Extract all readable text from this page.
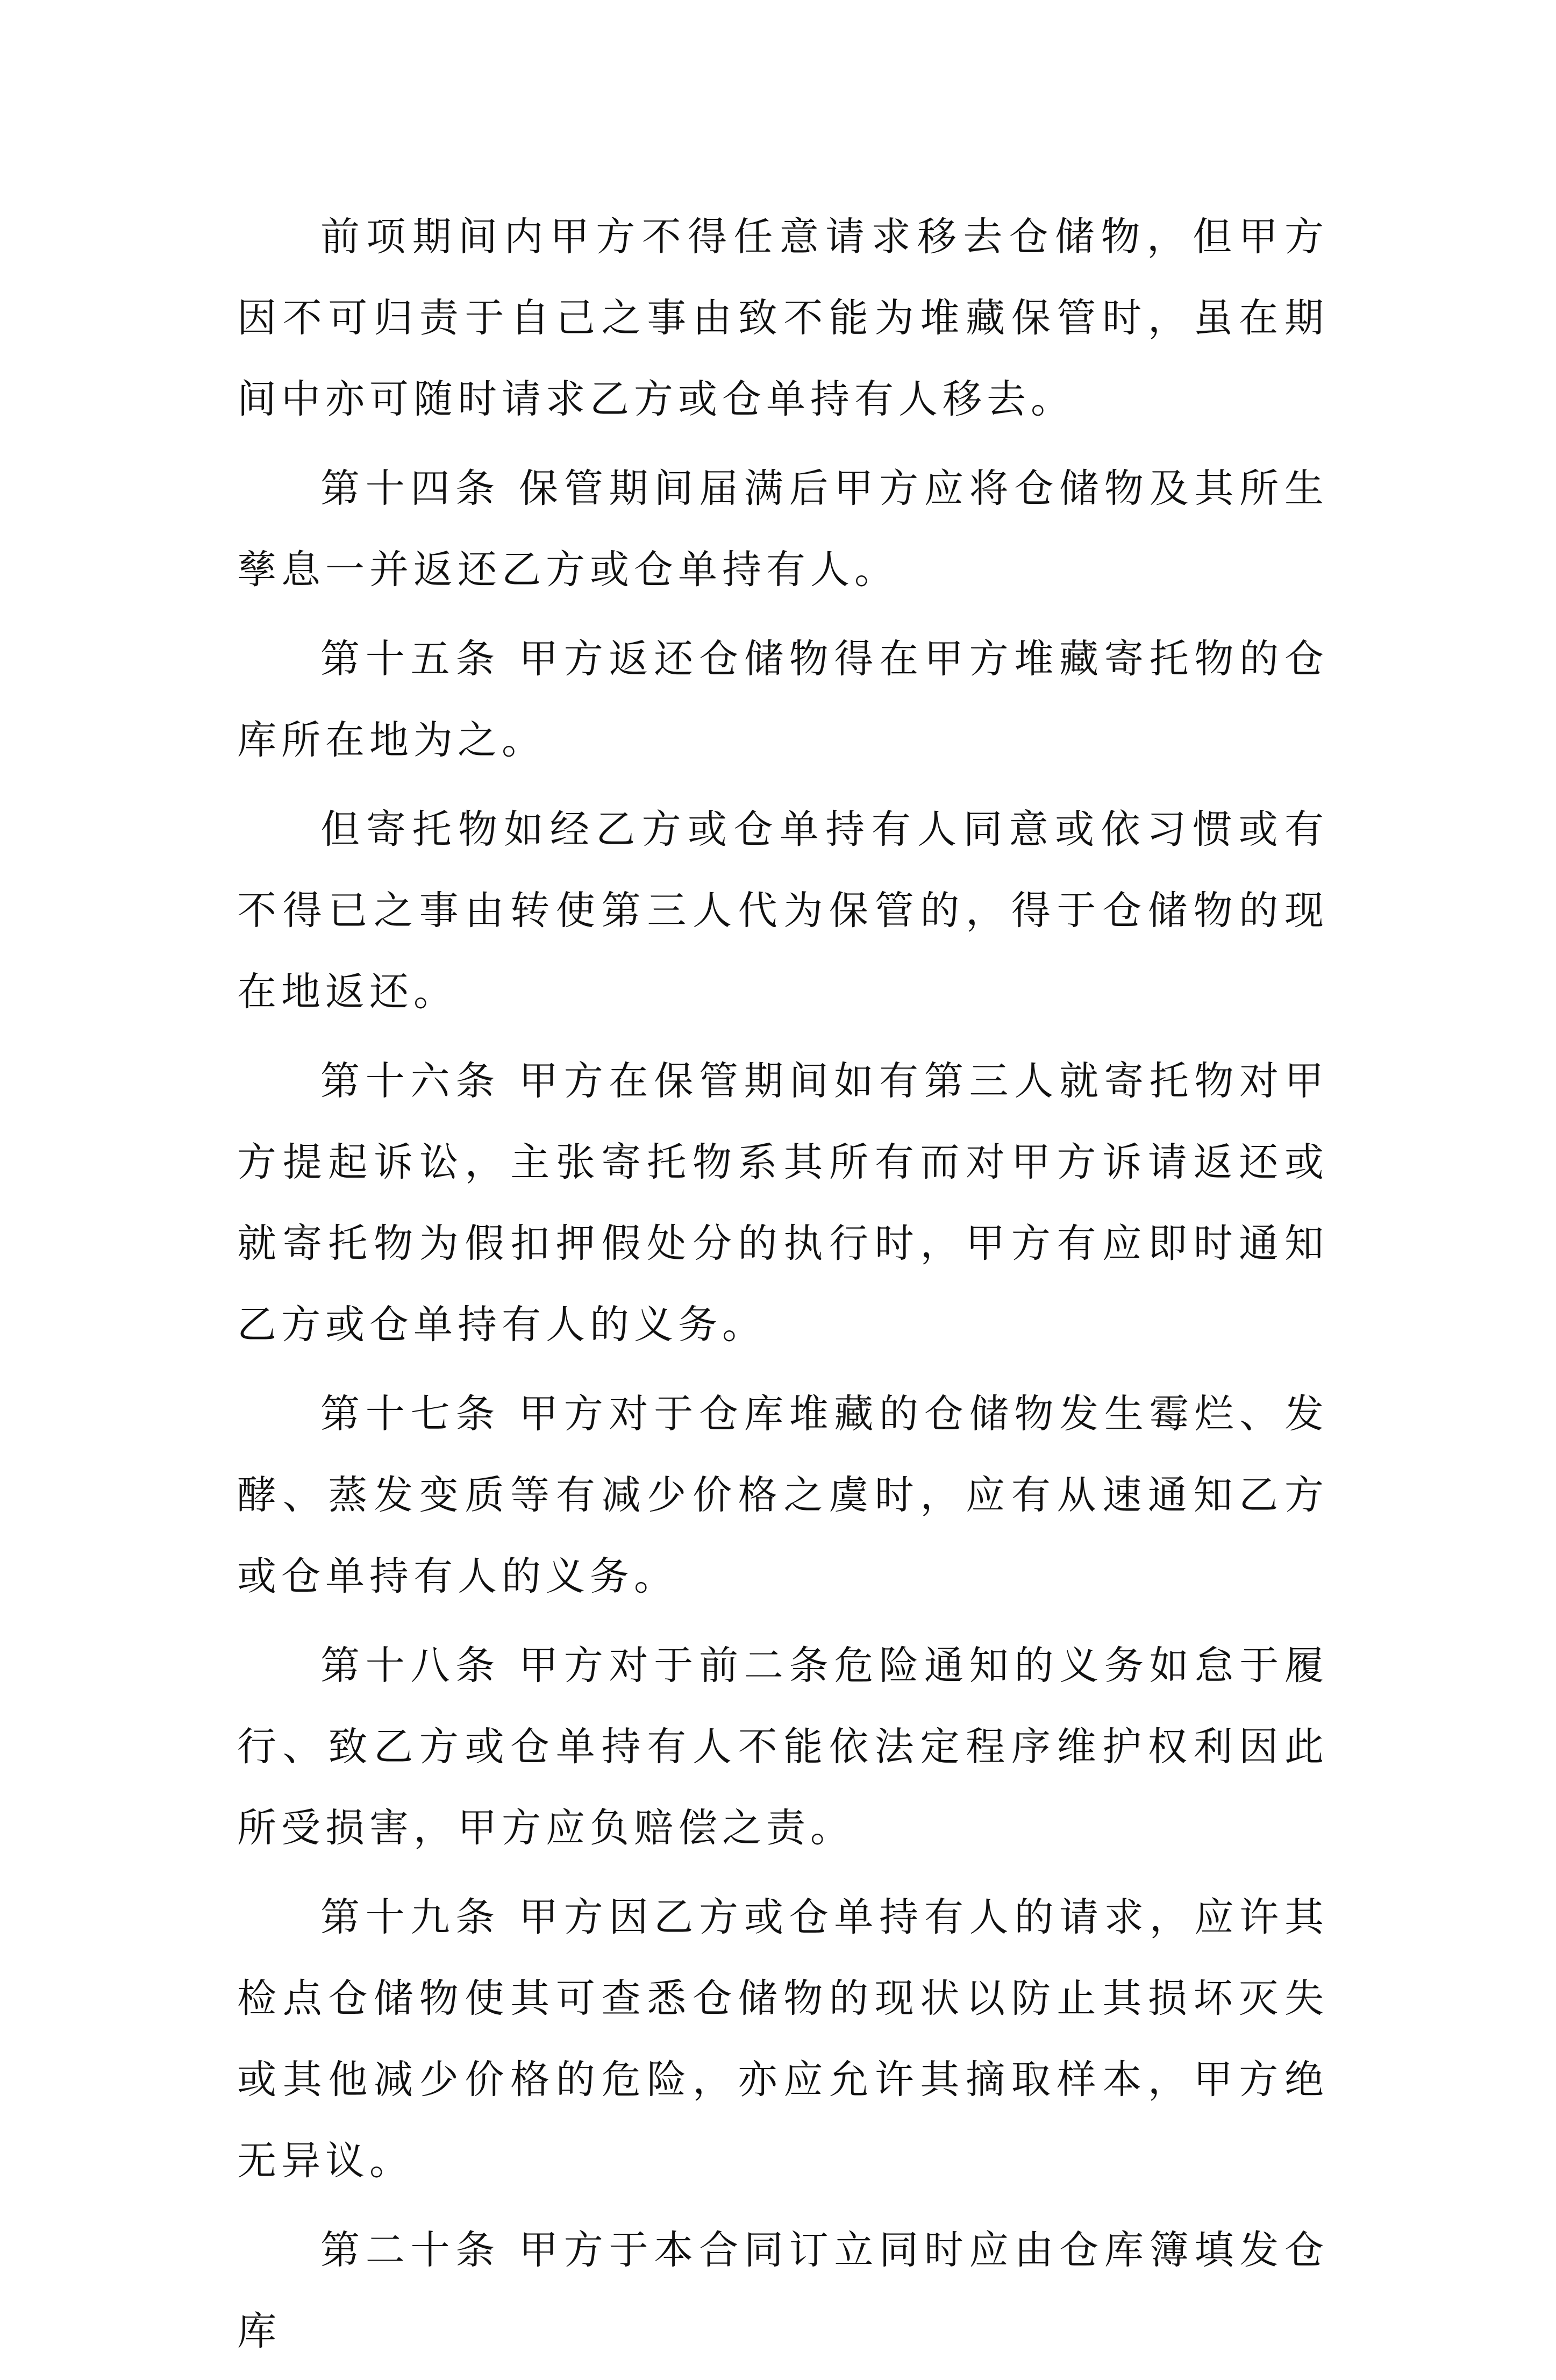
前项期间内甲方不得任意请求移去仓储物，但甲方因不可归责于自己之事由致不能为堆藏保管时，虽在期间中亦可随时请求乙方或仓单持有人移去。

第十四条 保管期间届满后甲方应将仓储物及其所生孳息一并返还乙方或仓单持有人。

第十五条 甲方返还仓储物得在甲方堆藏寄托物的仓库所在地为之。

但寄托物如经乙方或仓单持有人同意或依习惯或有不得已之事由转使第三人代为保管的，得于仓储物的现在地返还。

第十六条 甲方在保管期间如有第三人就寄托物对甲方提起诉讼，主张寄托物系其所有而对甲方诉请返还或就寄托物为假扣押假处分的执行时，甲方有应即时通知乙方或仓单持有人的义务。

第十七条 甲方对于仓库堆藏的仓储物发生霉烂、发酵、蒸发变质等有减少价格之虞时，应有从速通知乙方或仓单持有人的义务。

第十八条 甲方对于前二条危险通知的义务如怠于履行、致乙方或仓单持有人不能依法定程序维护权利因此所受损害，甲方应负赔偿之责。

第十九条 甲方因乙方或仓单持有人的请求，应许其检点仓储物使其可查悉仓储物的现状以防止其损坏灭失或其他减少价格的危险，亦应允许其摘取样本，甲方绝无异议。

第二十条 甲方于本合同订立同时应由仓库簿填发仓库
